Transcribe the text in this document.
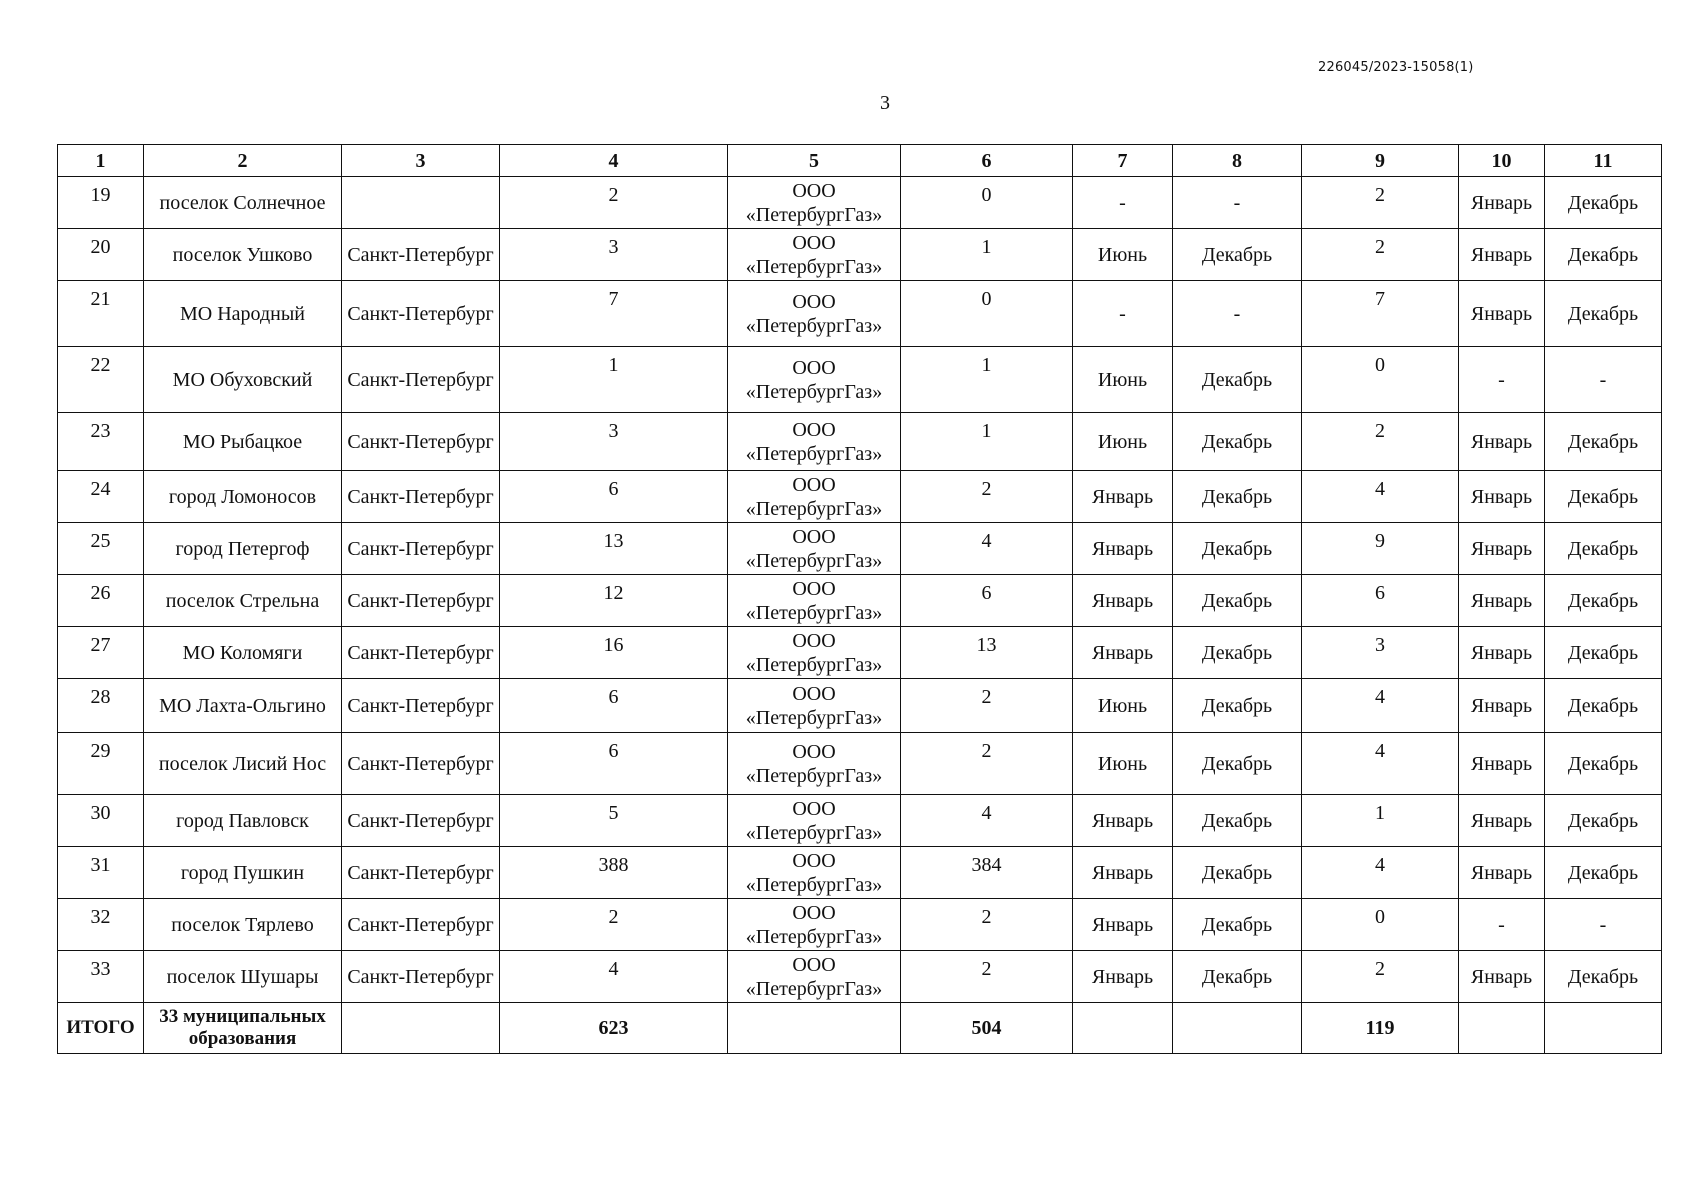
226045/2023-15058(1)
3
1	2	3	4	5	6	7	8	9	10	11
19	поселок Солнечное		2	ООО
«ПетербургГаз»	0	-	-	2	Январь	Декабрь
20	поселок Ушково	Санкт-Петербург	3	ООО
«ПетербургГаз»	1	Июнь	Декабрь	2	Январь	Декабрь
21	МО Народный	Санкт-Петербург	7	ООО
«ПетербургГаз»	0	-	-	7	Январь	Декабрь
22	МО Обуховский	Санкт-Петербург	1	ООО
«ПетербургГаз»	1	Июнь	Декабрь	0	-	-
23	МО Рыбацкое	Санкт-Петербург	3	ООО
«ПетербургГаз»	1	Июнь	Декабрь	2	Январь	Декабрь
24	город Ломоносов	Санкт-Петербург	6	ООО
«ПетербургГаз»	2	Январь	Декабрь	4	Январь	Декабрь
25	город Петергоф	Санкт-Петербург	13	ООО
«ПетербургГаз»	4	Январь	Декабрь	9	Январь	Декабрь
26	поселок Стрельна	Санкт-Петербург	12	ООО
«ПетербургГаз»	6	Январь	Декабрь	6	Январь	Декабрь
27	МО Коломяги	Санкт-Петербург	16	ООО
«ПетербургГаз»	13	Январь	Декабрь	3	Январь	Декабрь
28	МО Лахта-Ольгино	Санкт-Петербург	6	ООО
«ПетербургГаз»	2	Июнь	Декабрь	4	Январь	Декабрь
29	поселок Лисий Нос	Санкт-Петербург	6	ООО
«ПетербургГаз»	2	Июнь	Декабрь	4	Январь	Декабрь
30	город Павловск	Санкт-Петербург	5	ООО
«ПетербургГаз»	4	Январь	Декабрь	1	Январь	Декабрь
31	город Пушкин	Санкт-Петербург	388	ООО
«ПетербургГаз»	384	Январь	Декабрь	4	Январь	Декабрь
32	поселок Тярлево	Санкт-Петербург	2	ООО
«ПетербургГаз»	2	Январь	Декабрь	0	-	-
33	поселок Шушары	Санкт-Петербург	4	ООО
«ПетербургГаз»	2	Январь	Декабрь	2	Январь	Декабрь
ИТОГО	33 муниципальных образования		623		504			119		
